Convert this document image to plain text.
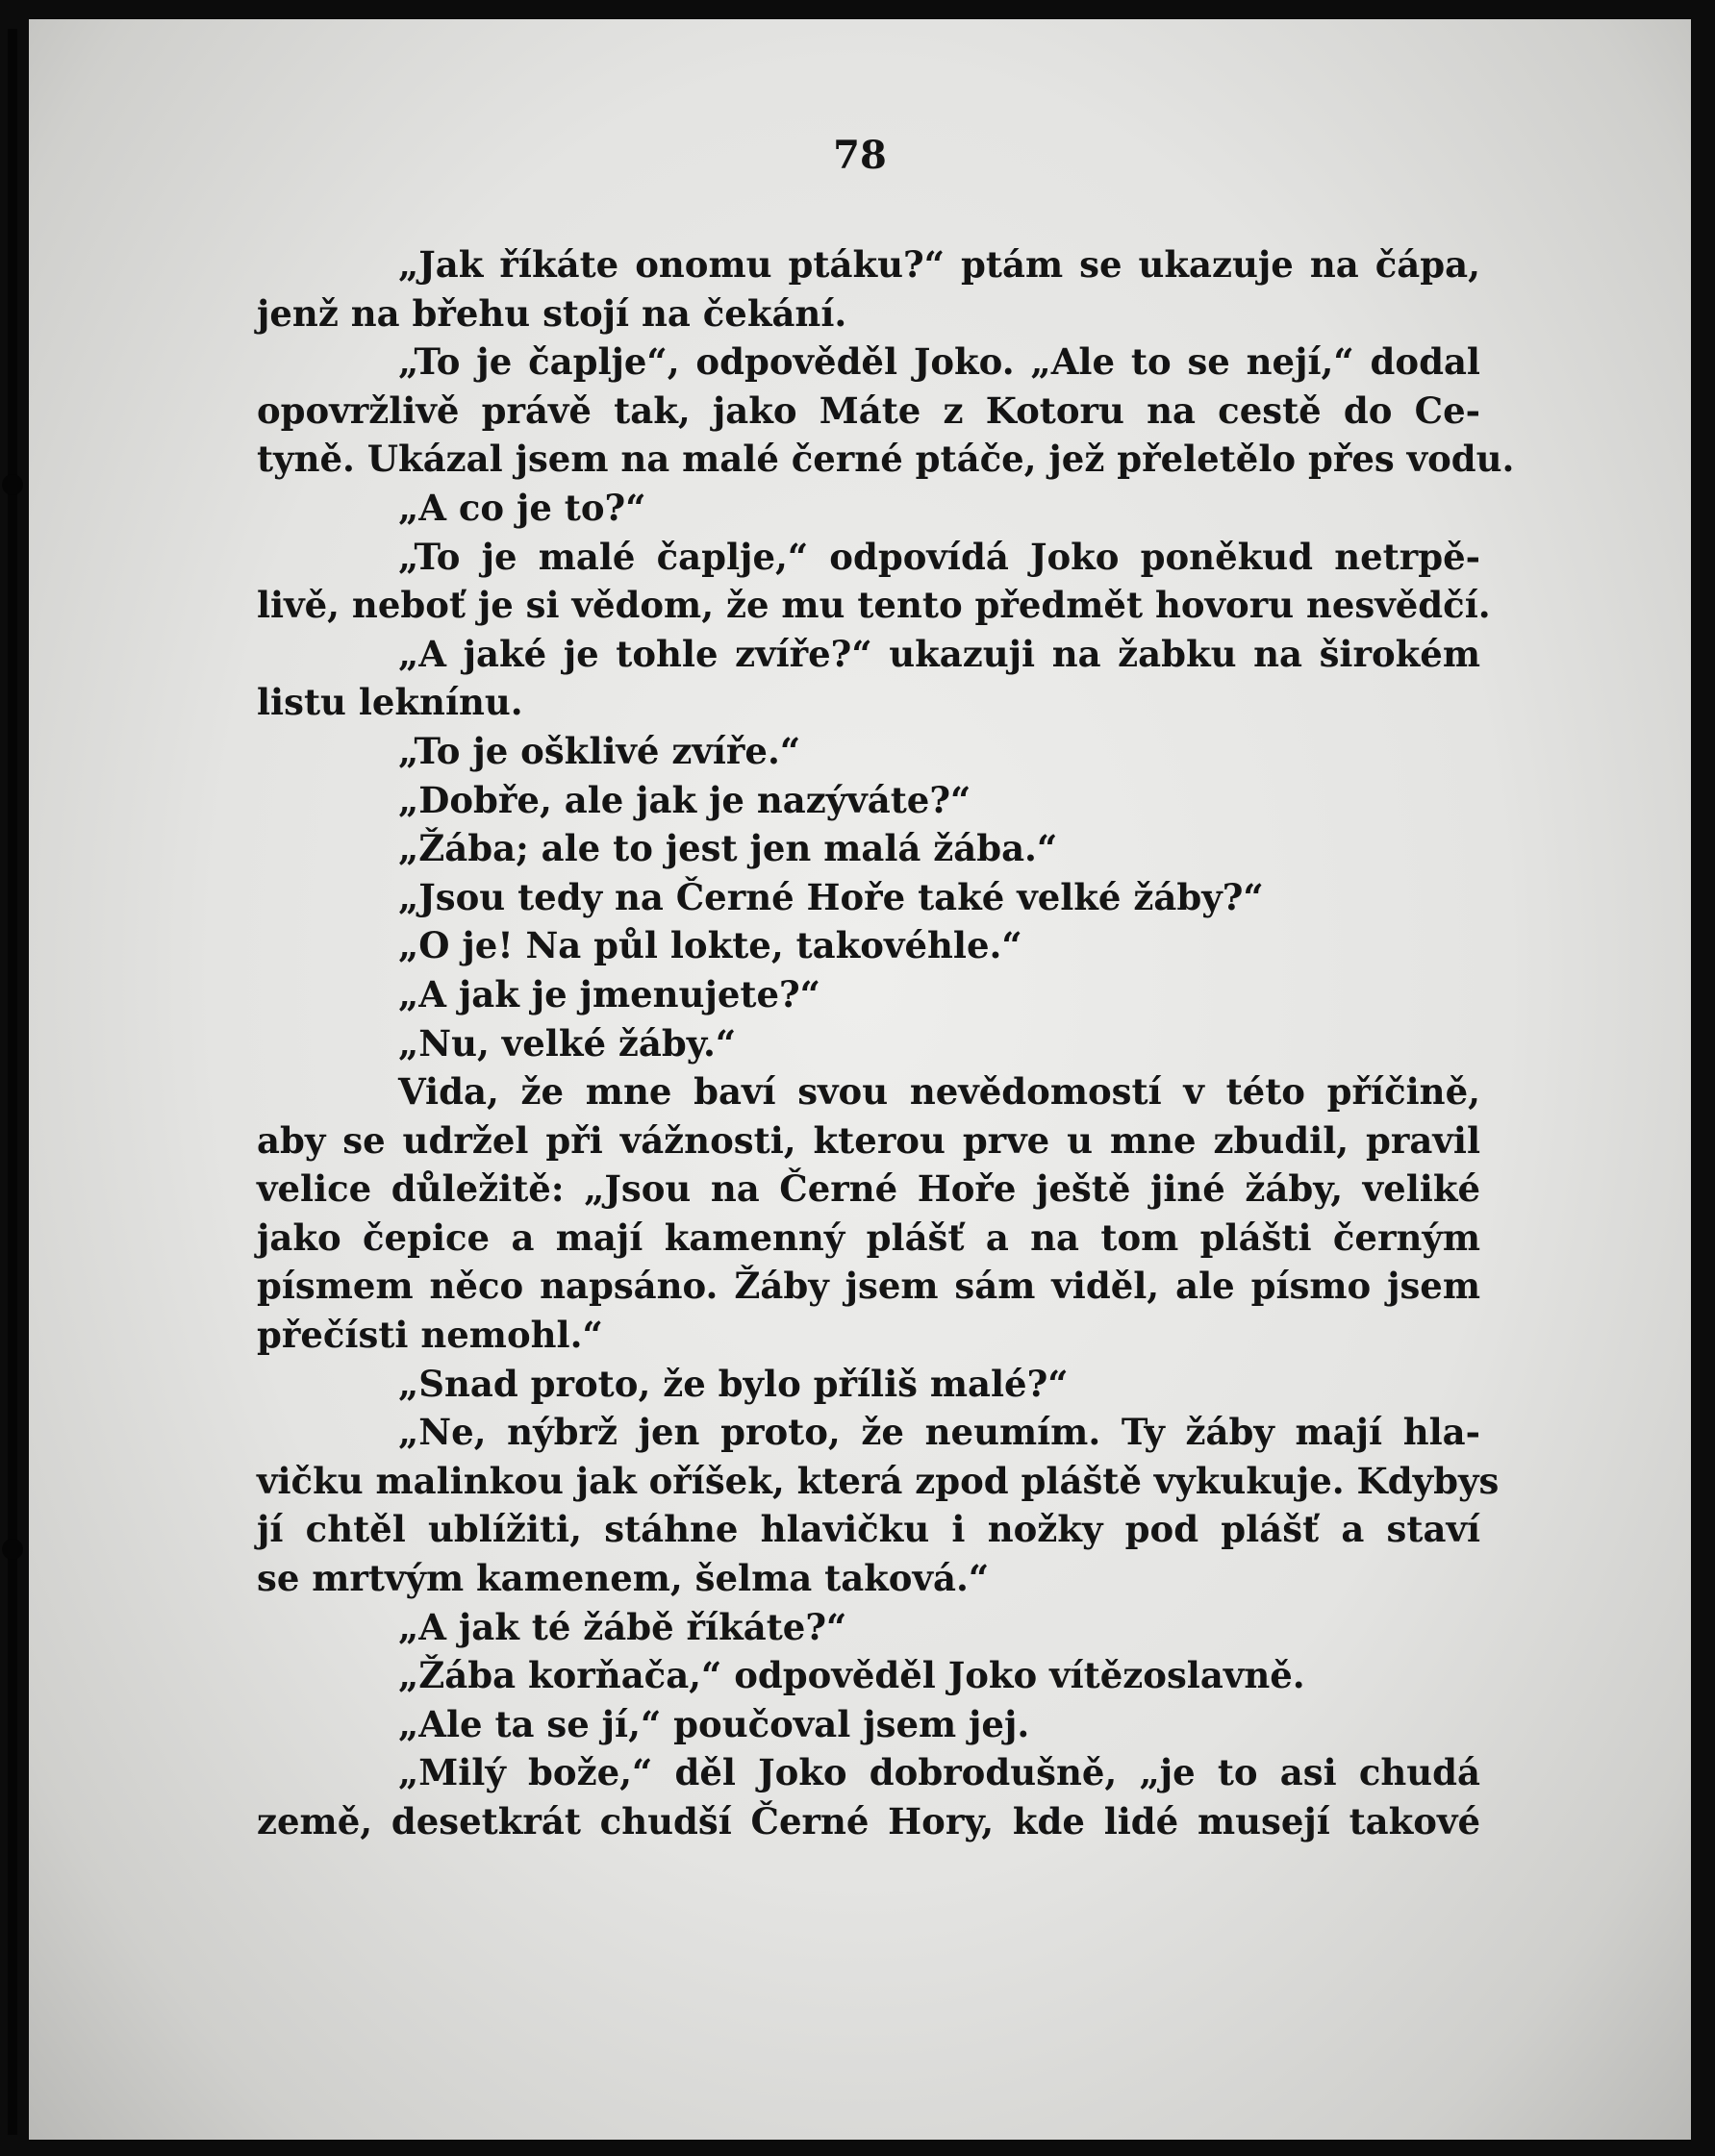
78
„Jak říkáte onomu ptáku?“ ptám se ukazuje na čápa,
jenž na břehu stojí na čekání.
„To je čaplje“, odpověděl Joko. „Ale to se nejí,“ dodal
opovržlivě právě tak, jako Máte z Kotoru na cestě do Ce-
tyně. Ukázal jsem na malé černé ptáče, jež přeletělo přes vodu.
„A co je to?“
„To je malé čaplje,“ odpovídá Joko poněkud netrpě-
livě, neboť je si vědom, že mu tento předmět hovoru nesvědčí.
„A jaké je tohle zvíře?“ ukazuji na žabku na širokém
listu leknínu.
„To je ošklivé zvíře.“
„Dobře, ale jak je nazýváte?“
„Žába; ale to jest jen malá žába.“
„Jsou tedy na Černé Hoře také velké žáby?“
„O je! Na půl lokte, takovéhle.“
„A jak je jmenujete?“
„Nu, velké žáby.“
Vida, že mne baví svou nevědomostí v této příčině,
aby se udržel při vážnosti, kterou prve u mne zbudil, pravil
velice důležitě: „Jsou na Černé Hoře ještě jiné žáby, veliké
jako čepice a mají kamenný plášť a na tom plášti černým
písmem něco napsáno. Žáby jsem sám viděl, ale písmo jsem
přečísti nemohl.“
„Snad proto, že bylo příliš malé?“
„Ne, nýbrž jen proto, že neumím. Ty žáby mají hla-
vičku malinkou jak oříšek, která zpod pláště vykukuje. Kdybys
jí chtěl ublížiti, stáhne hlavičku i nožky pod plášť a staví
se mrtvým kamenem, šelma taková.“
„A jak té žábě říkáte?“
„Žába korňača,“ odpověděl Joko vítězoslavně.
„Ale ta se jí,“ poučoval jsem jej.
„Milý bože,“ děl Joko dobrodušně, „je to asi chudá
země, desetkrát chudší Černé Hory, kde lidé musejí takové
